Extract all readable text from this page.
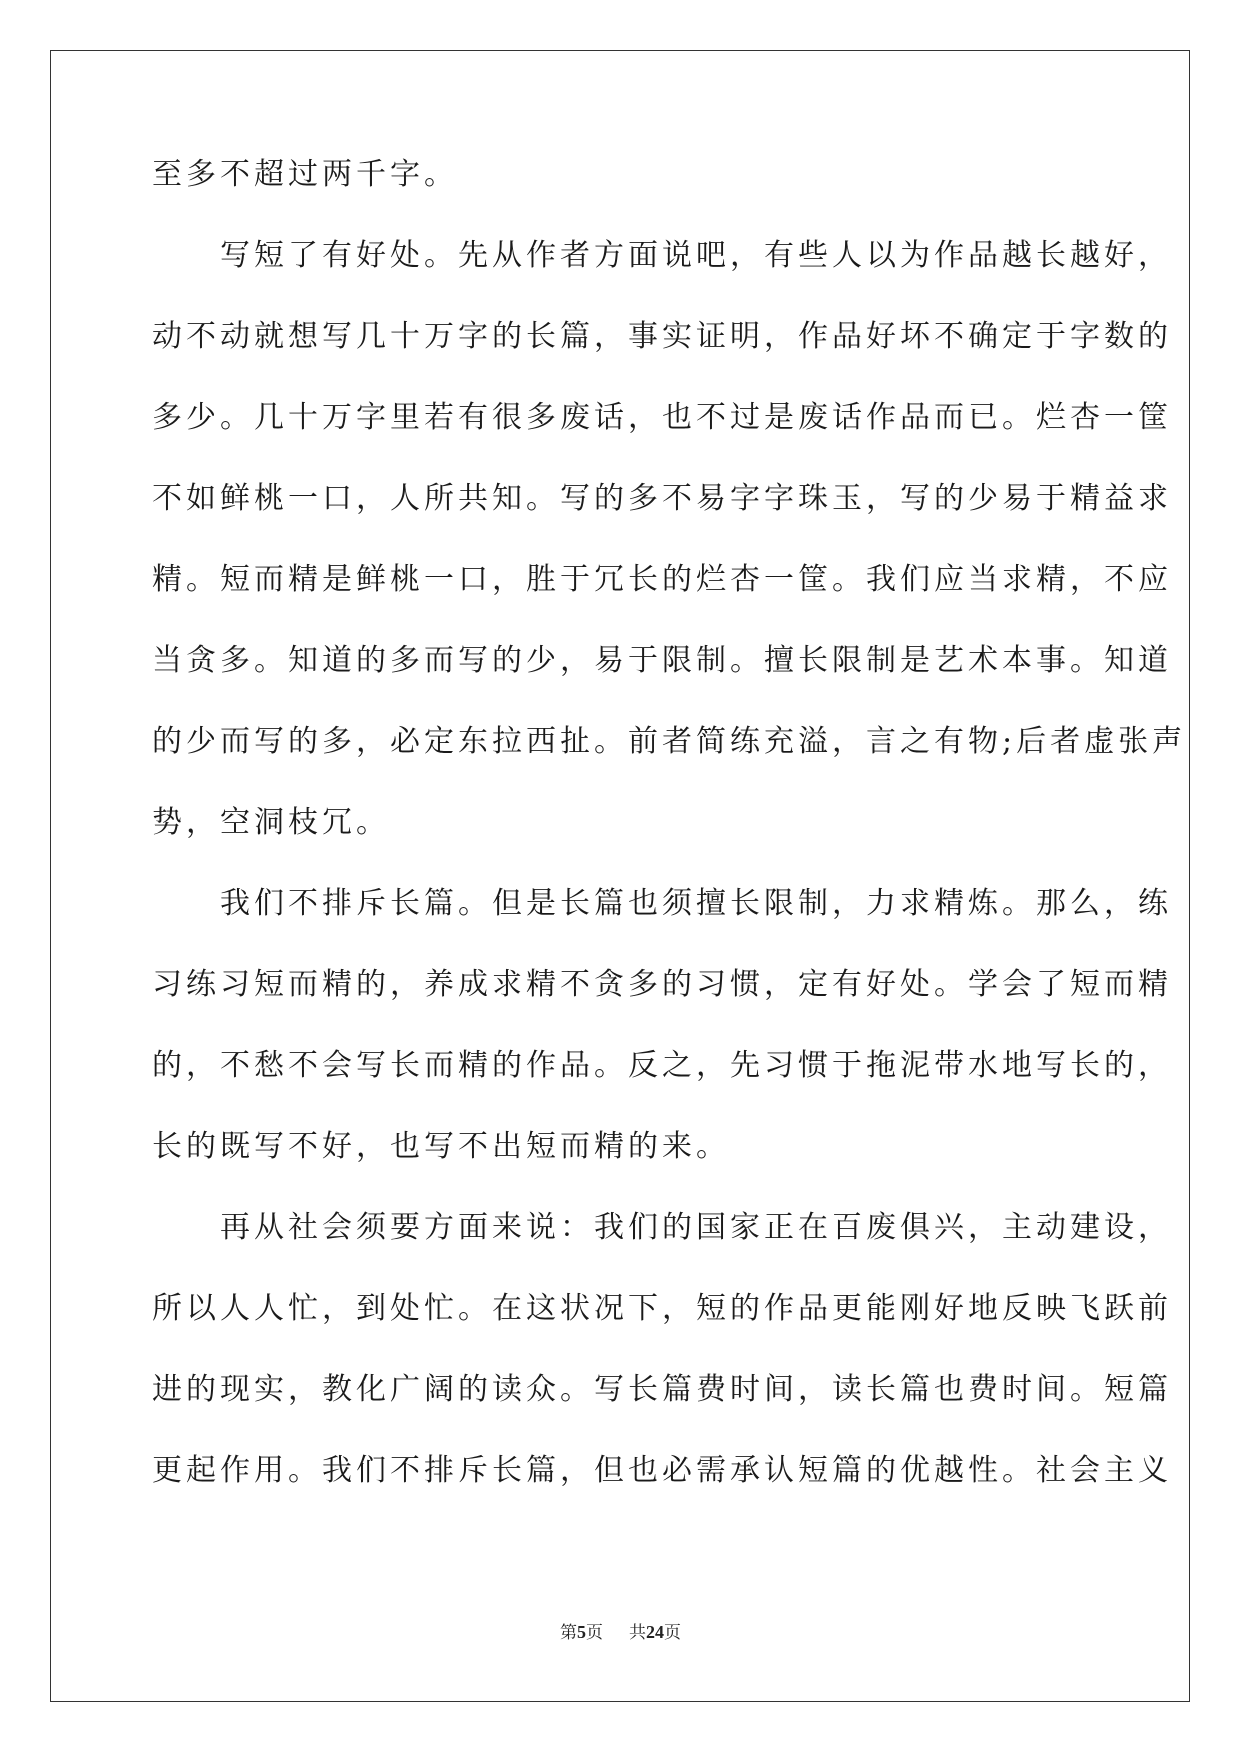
至多不超过两千字。
　　写短了有好处。先从作者方面说吧，有些人以为作品越长越好，
动不动就想写几十万字的长篇，事实证明，作品好坏不确定于字数的
多少。几十万字里若有很多废话，也不过是废话作品而已。烂杏一筐
不如鲜桃一口，人所共知。写的多不易字字珠玉，写的少易于精益求
精。短而精是鲜桃一口，胜于冗长的烂杏一筐。我们应当求精，不应
当贪多。知道的多而写的少，易于限制。擅长限制是艺术本事。知道
的少而写的多，必定东拉西扯。前者简练充溢，言之有物;后者虚张声
势，空洞枝冗。
　　我们不排斥长篇。但是长篇也须擅长限制，力求精炼。那么，练
习练习短而精的，养成求精不贪多的习惯，定有好处。学会了短而精
的，不愁不会写长而精的作品。反之，先习惯于拖泥带水地写长的，
长的既写不好，也写不出短而精的来。
　　再从社会须要方面来说：我们的国家正在百废俱兴，主动建设，
所以人人忙，到处忙。在这状况下，短的作品更能刚好地反映飞跃前
进的现实，教化广阔的读众。写长篇费时间，读长篇也费时间。短篇
更起作用。我们不排斥长篇，但也必需承认短篇的优越性。社会主义
第5页 共24页
